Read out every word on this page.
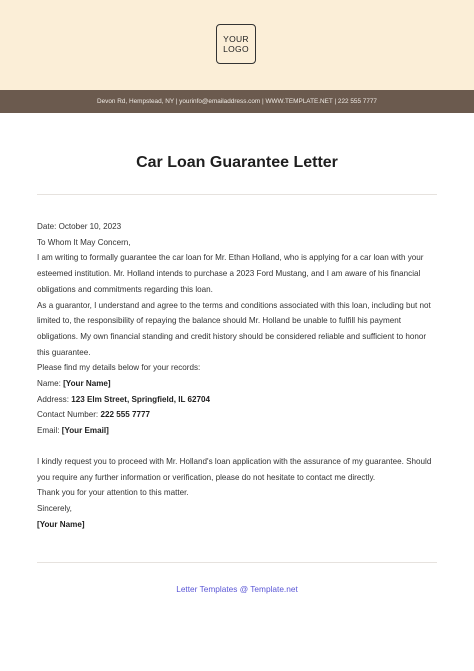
YOUR
LOGO
Devon Rd, Hempstead, NY | yourinfo@emailaddress.com | WWW.TEMPLATE.NET | 222 555 7777
Car Loan Guarantee Letter

Date: October 10, 2023

To Whom It May Concern,

I am writing to formally guarantee the car loan for Mr. Ethan Holland, who is applying for a car loan with your esteemed institution. Mr. Holland intends to purchase a 2023 Ford Mustang, and I am aware of his financial obligations and commitments regarding this loan.

As a guarantor, I understand and agree to the terms and conditions associated with this loan, including but not limited to, the responsibility of repaying the balance should Mr. Holland be unable to fulfill his payment obligations. My own financial standing and credit history should be considered reliable and sufficient to honor this guarantee.

Please find my details below for your records:

Name: [Your Name]

Address: 123 Elm Street, Springfield, IL 62704

Contact Number: 222 555 7777

Email: [Your Email]

I kindly request you to proceed with Mr. Holland's loan application with the assurance of my guarantee. Should you require any further information or verification, please do not hesitate to contact me directly.

Thank you for your attention to this matter.

Sincerely,

[Your Name]

Letter Templates @ Template.net
